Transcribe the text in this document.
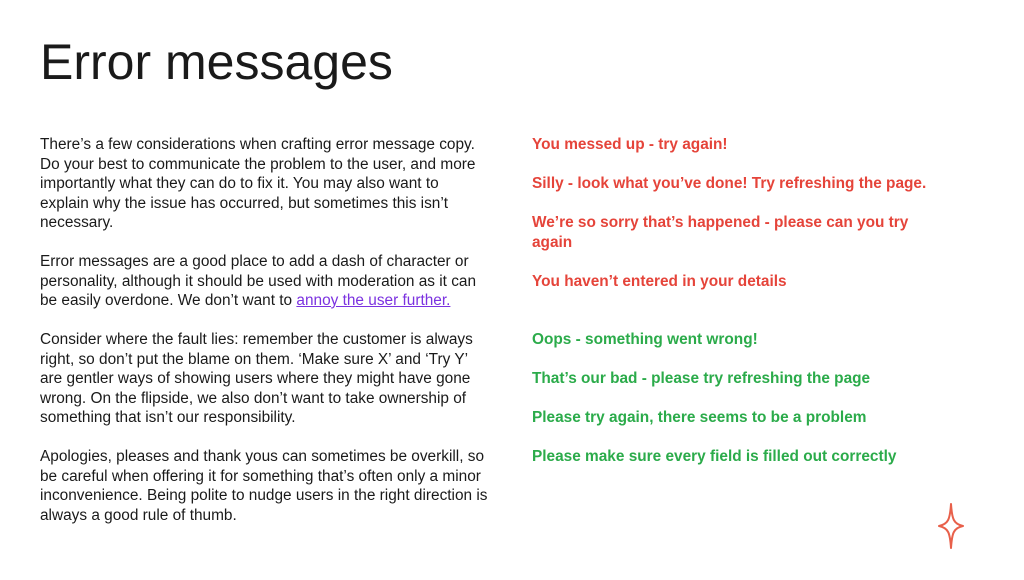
Error messages

There’s a few considerations when crafting error message copy. Do your best to communicate the problem to the user, and more importantly what they can do to fix it. You may also want to explain why the issue has occurred, but sometimes this isn’t necessary.

Error messages are a good place to add a dash of character or personality, although it should be used with moderation as it can be easily overdone. We don’t want to annoy the user further.

Consider where the fault lies: remember the customer is always right, so don’t put the blame on them. ‘Make sure X’ and ‘Try Y’ are gentler ways of showing users where they might have gone wrong. On the flipside, we also don’t want to take ownership of something that isn’t our responsibility.

Apologies, pleases and thank yous can sometimes be overkill, so be careful when offering it for something that’s often only a minor inconvenience. Being polite to nudge users in the right direction is always a good rule of thumb.

You messed up - try again!
Silly - look what you’ve done! Try refreshing the page.
We’re so sorry that’s happened - please can you try again
You haven’t entered in your details
Oops - something went wrong!
That’s our bad - please try refreshing the page
Please try again, there seems to be a problem
Please make sure every field is filled out correctly
